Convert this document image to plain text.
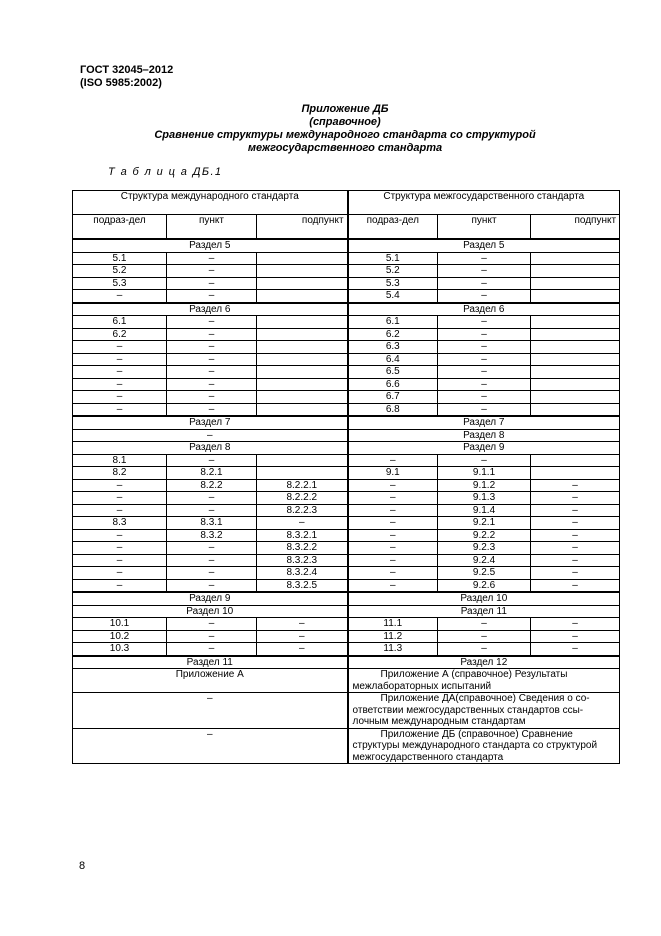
ГОСТ 32045–2012
(ISO 5985:2002)
Приложение ДБ
(справочное)
Сравнение структуры международного стандарта со структурой
межгосударственного стандарта
Т а б л и ц а ДБ.1
Структура международного стандарта			Структура межгосударственного стандарта		
подраз-дел	пункт	подпункт	подраз-дел	пункт	подпункт
Раздел 5			Раздел 5		
5.1	–		5.1	–	
5.2	–		5.2	–	
5.3	–		5.3	–	
–	–		5.4	–	
Раздел 6			Раздел 6		
6.1	–		6.1	–	
6.2	–		6.2	–	
–	–		6.3	–	
–	–		6.4	–	
–	–		6.5	–	
–	–		6.6	–	
–	–		6.7	–	
–	–		6.8	–	
Раздел 7			Раздел 7		
–			Раздел 8		
Раздел 8			Раздел 9		
8.1	–		–	–	
8.2	8.2.1		9.1	9.1.1	
–	8.2.2	8.2.2.1	–	9.1.2	–
–	–	8.2.2.2	–	9.1.3	–
–	–	8.2.2.3	–	9.1.4	–
8.3	8.3.1	–	–	9.2.1	–
–	8.3.2	8.3.2.1	–	9.2.2	–
–	–	8.3.2.2	–	9.2.3	–
–	–	8.3.2.3	–	9.2.4	–
–	–	8.3.2.4	–	9.2.5	–
–	–	8.3.2.5	–	9.2.6	–
Раздел 9			Раздел 10		
Раздел 10			Раздел 11		
10.1	–	–	11.1	–	–
10.2	–	–	11.2	–	–
10.3	–	–	11.3	–	–
Раздел 11			Раздел 12		
Приложение А			Приложение А (справочное) Результаты
межлабораторных испытаний		

–			Приложение ДА(справочное) Сведения о со-
ответствии межгосударственных стандартов ссы-
лочным международным стандартам		

–			Приложение ДБ (справочное) Сравнение
структуры международного стандарта со структурой
межгосударственного стандарта		
8
